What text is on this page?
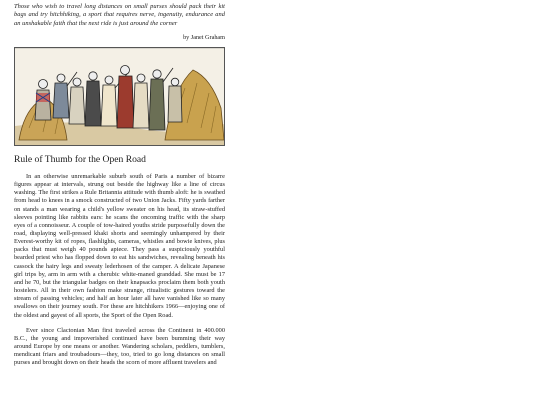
Those who wish to travel long distances on small purses should pack their kit bags and try hitchhiking, a sport that requires nerve, ingenuity, endurance and an unshakable faith that the next ride is just around the corner

by Janet Graham
Rule of Thumb for the Open Road

In an otherwise unremarkable suburb south of Paris a number of bizarre figures appear at intervals, strung out beside the highway like a line of circus washing. The first strikes a Rule Britannia attitude with thumb aloft: he is swathed from head to knees in a smock constructed of two Union Jacks. Fifty yards farther on stands a man wearing a child's yellow sweater on his head, its straw-stuffed sleeves pointing like rabbits ears: he scans the oncoming traffic with the sharp eyes of a connoisseur. A couple of tow-haired youths stride purposefully down the road, displaying well-pressed khaki shorts and seemingly unhampered by their Everest-worthy kit of ropes, flashlights, cameras, whistles and bowie knives, plus packs that must weigh 40 pounds apiece. They pass a suspiciously youthful bearded priest who has flopped down to eat his sandwiches, revealing beneath his cassock the hairy legs and sweaty lederhosen of the camper. A delicate Japanese girl trips by, arm in arm with a cherubic white-maned granddad. She must be 17 and he 70, but the triangular badges on their knapsacks proclaim them both youth hostelers. All in their own fashion make strange, ritualistic gestures toward the stream of passing vehicles; and half an hour later all have vanished like so many swallows on their journey south. For these are hitchhikers 1966—enjoying one of the oldest and gayest of all sports, the Sport of the Open Road.

Ever since Clactonian Man first traveled across the Continent in 400.000 B.C., the young and impoverished continued have been bumming their way around Europe by one means or another. Wandering scholars, peddlers, tumblers, mendicant friars and troubadours—they, too, tried to go long distances on small purses and brought down on their heads the scorn of more affluent travelers and
